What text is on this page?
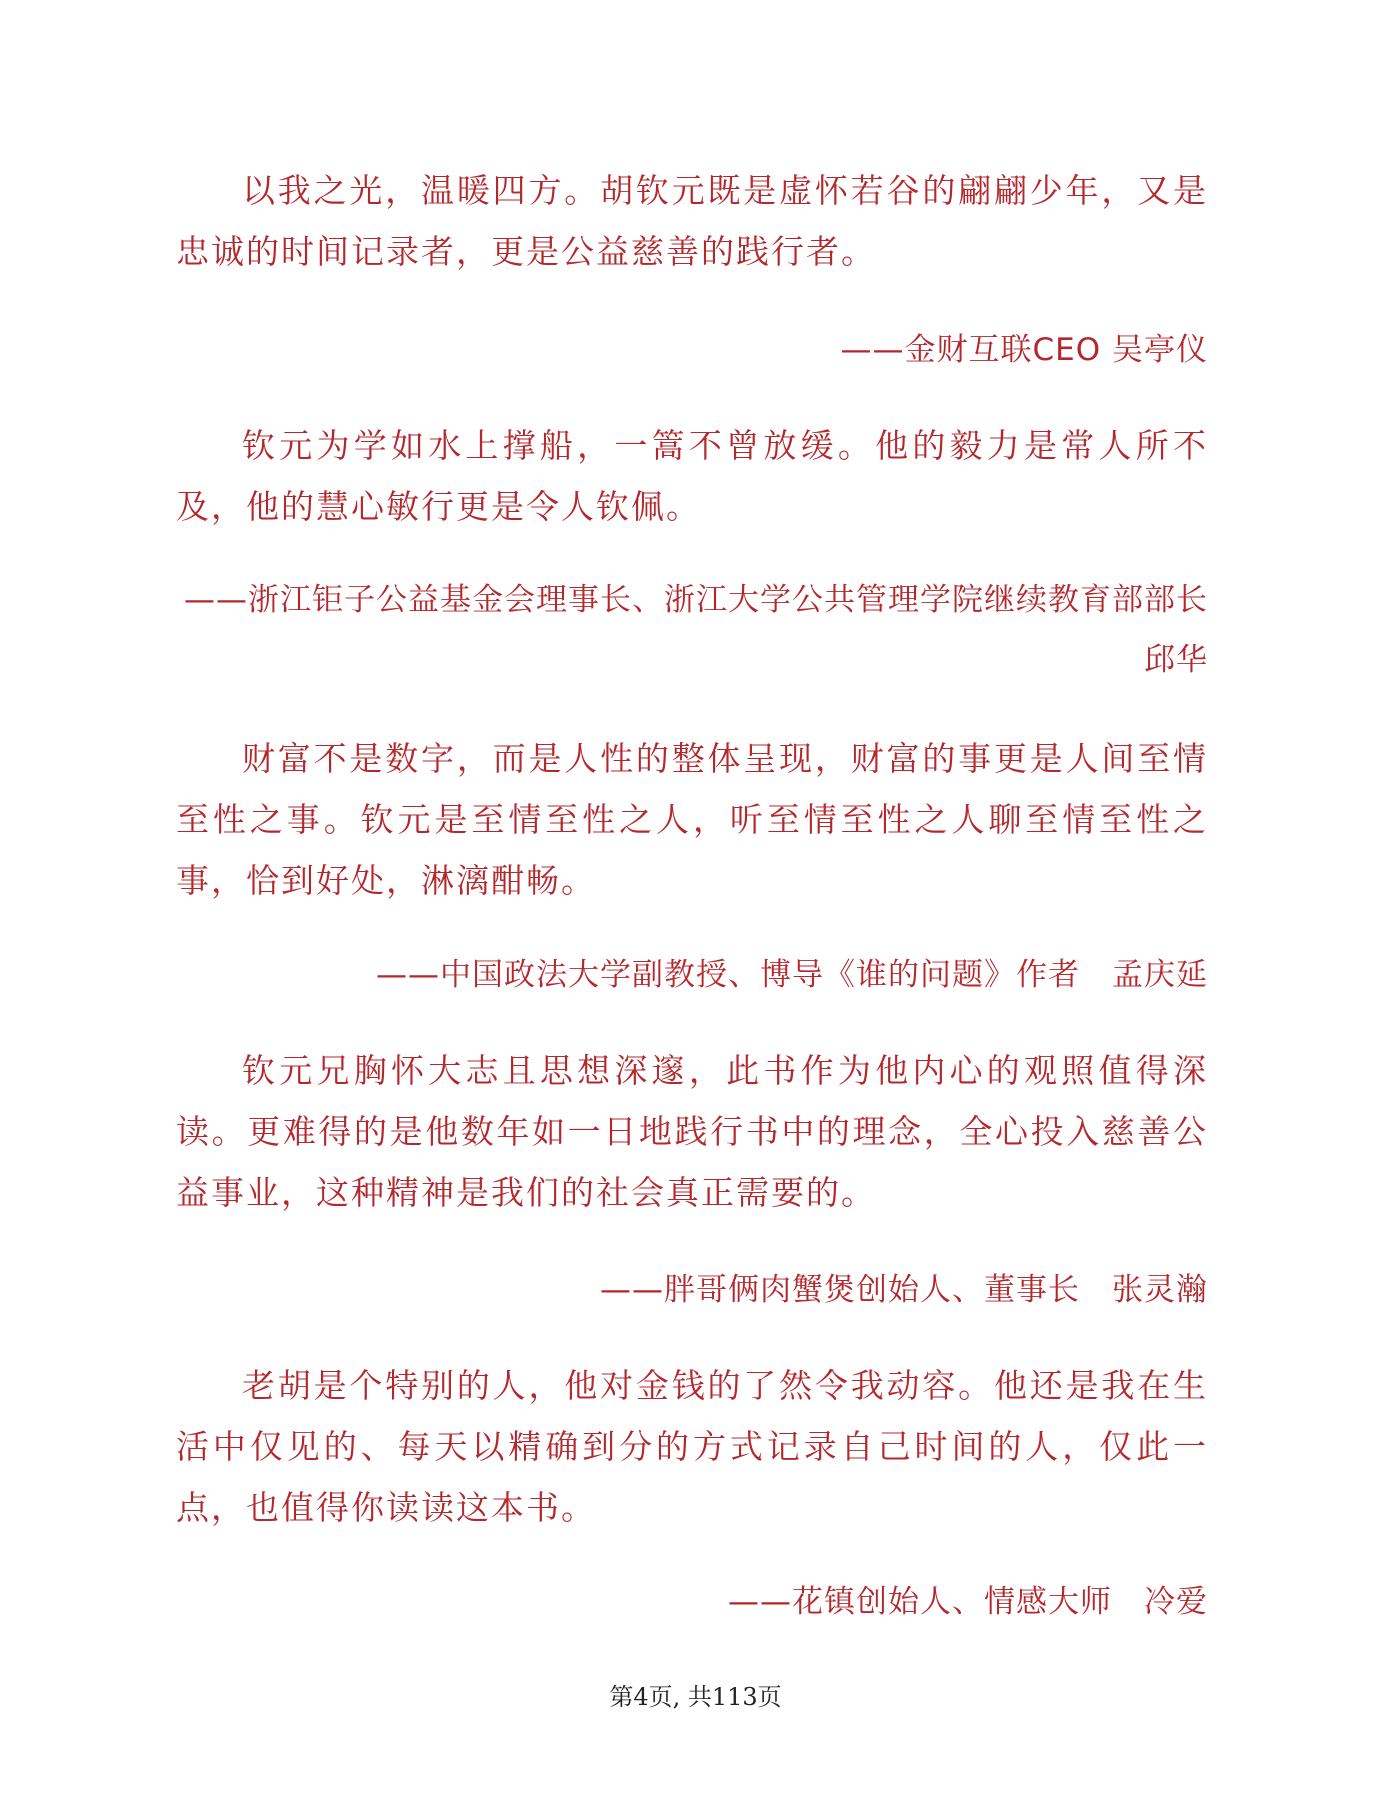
以我之光，温暖四方。胡钦元既是虚怀若谷的翩翩少年，又是忠诚的时间记录者，更是公益慈善的践行者。

——金财互联CEO 吴亭仪

钦元为学如水上撑船，一篙不曾放缓。他的毅力是常人所不及，他的慧心敏行更是令人钦佩。

——浙江钜子公益基金会理事长、浙江大学公共管理学院继续教育部部长　邱华

财富不是数字，而是人性的整体呈现，财富的事更是人间至情至性之事。钦元是至情至性之人，听至情至性之人聊至情至性之事，恰到好处，淋漓酣畅。

——中国政法大学副教授、博导《谁的问题》作者　孟庆延

钦元兄胸怀大志且思想深邃，此书作为他内心的观照值得深读。更难得的是他数年如一日地践行书中的理念，全心投入慈善公益事业，这种精神是我们的社会真正需要的。

——胖哥俩肉蟹煲创始人、董事长　张灵瀚

老胡是个特别的人，他对金钱的了然令我动容。他还是我在生活中仅见的、每天以精确到分的方式记录自己时间的人，仅此一点，也值得你读读这本书。

——花镇创始人、情感大师　冷爱

第4页, 共113页
